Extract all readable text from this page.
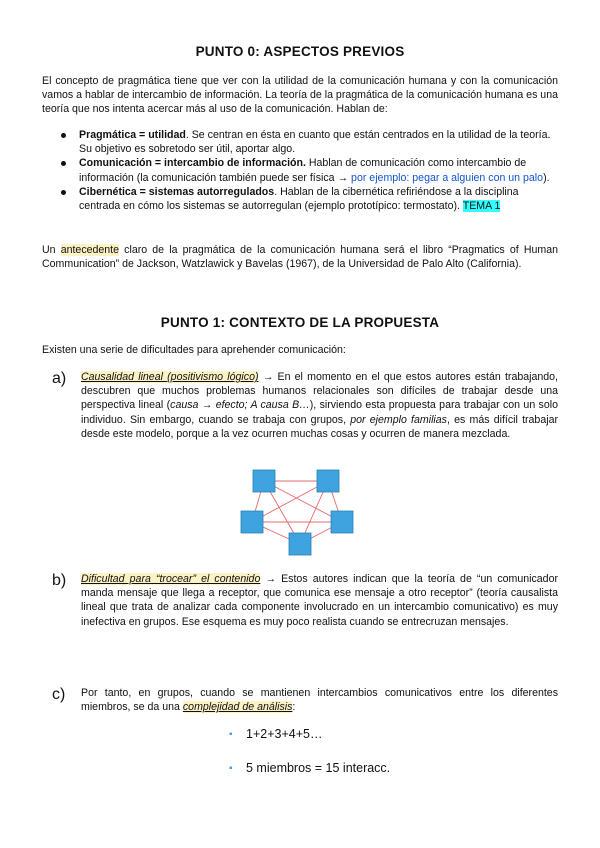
PUNTO 0: ASPECTOS PREVIOS

El concepto de pragmática tiene que ver con la utilidad de la comunicación humana y con la comunicación vamos a hablar de intercambio de información. La teoría de la pragmática de la comunicación humana es una teoría que nos intenta acercar más al uso de la comunicación. Hablan de:

Pragmática = utilidad. Se centran en ésta en cuanto que están centrados en la utilidad de la teoría. Su objetivo es sobretodo ser útil, aportar algo.
Comunicación = intercambio de información. Hablan de comunicación como intercambio de información (la comunicación también puede ser física → por ejemplo: pegar a alguien con un palo).
Cibernética = sistemas autorregulados. Hablan de la cibernética refiriéndose a la disciplina centrada en cómo los sistemas se autorregulan (ejemplo prototípico: termostato). TEMA 1

Un antecedente claro de la pragmática de la comunicación humana será el libro “Pragmatics of Human Communication” de Jackson, Watzlawick y Bavelas (1967), de la Universidad de Palo Alto (California).

PUNTO 1: CONTEXTO DE LA PROPUESTA

Existen una serie de dificultades para aprehender comunicación:

a) Causalidad lineal (positivismo lógico) → En el momento en el que estos autores están trabajando, descubren que muchos problemas humanos relacionales son difíciles de trabajar desde una perspectiva lineal (causa → efecto; A causa B…), sirviendo esta propuesta para trabajar con un solo individuo. Sin embargo, cuando se trabaja con grupos, por ejemplo familias, es más difícil trabajar desde este modelo, porque a la vez ocurren muchas cosas y ocurren de manera mezclada.

b) Dificultad para “trocear” el contenido → Estos autores indican que la teoría de “un comunicador manda mensaje que llega a receptor, que comunica ese mensaje a otro receptor” (teoría causalista lineal que trata de analizar cada componente involucrado en un intercambio comunicativo) es muy inefectiva en grupos. Ese esquema es muy poco realista cuando se entrecruzan mensajes.

c) Por tanto, en grupos, cuando se mantienen intercambios comunicativos entre los diferentes miembros, se da una complejidad de análisis:

▪ 1+2+3+4+5…
▪ 5 miembros = 15 interacc.
